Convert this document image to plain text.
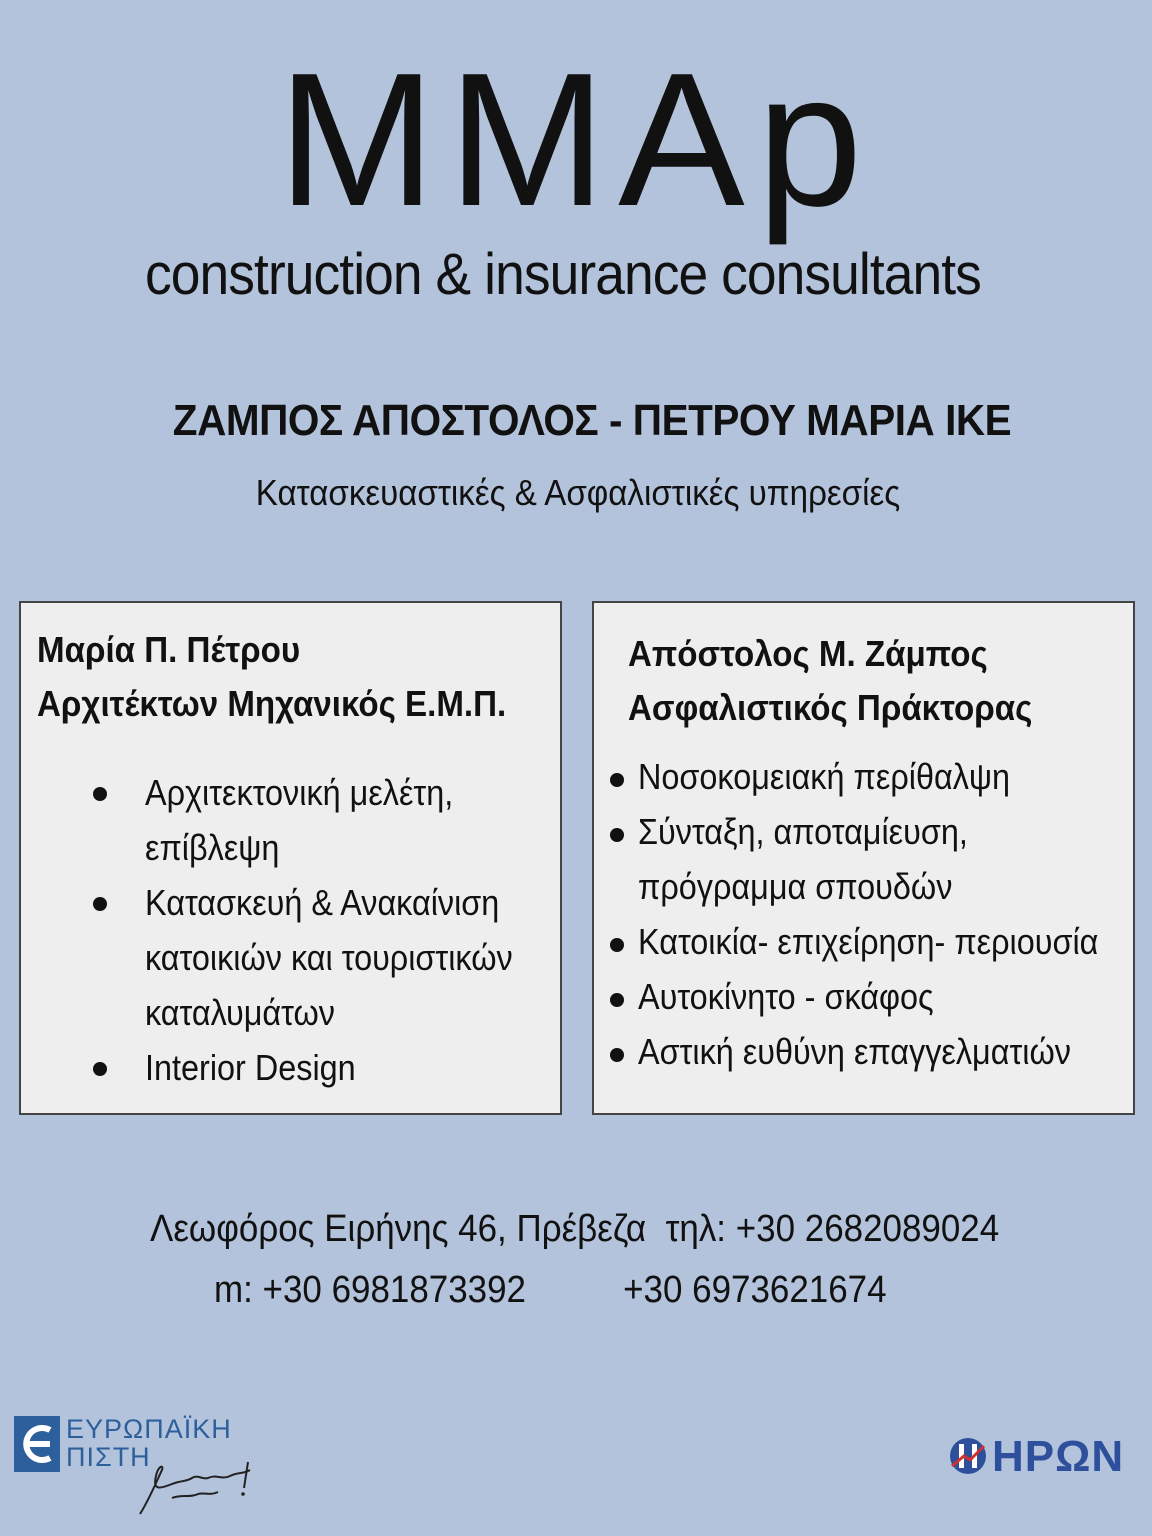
MMAp
construction & insurance consultants
ΖΑΜΠΟΣ ΑΠΟΣΤΟΛΟΣ - ΠΕΤΡΟΥ ΜΑΡΙΑ ΙΚΕ
Κατασκευαστικές & Ασφαλιστικές υπηρεσίες
Μαρία Π. Πέτρου
Αρχιτέκτων Μηχανικός Ε.Μ.Π.
Αρχιτεκτονική μελέτη,
επίβλεψη
Κατασκευή & Ανακαίνιση
κατοικιών και τουριστικών
καταλυμάτων
Interior Design
Απόστολος Μ. Ζάμπος
Ασφαλιστικός Πράκτορας
Νοσοκομειακή περίθαλψη
Σύνταξη, αποταμίευση,
πρόγραμμα σπουδών
Κατοικία- επιχείρηση- περιουσία
Αυτοκίνητο - σκάφος
Αστική ευθύνη επαγγελματιών
Λεωφόρος Ειρήνης 46, Πρέβεζα  τηλ: +30 2682089024
m: +30 6981873392          +30 6973621674
ΕΥΡΩΠΑΪΚΗ
ΠΙΣΤΗ	ΗΡΩΝ
